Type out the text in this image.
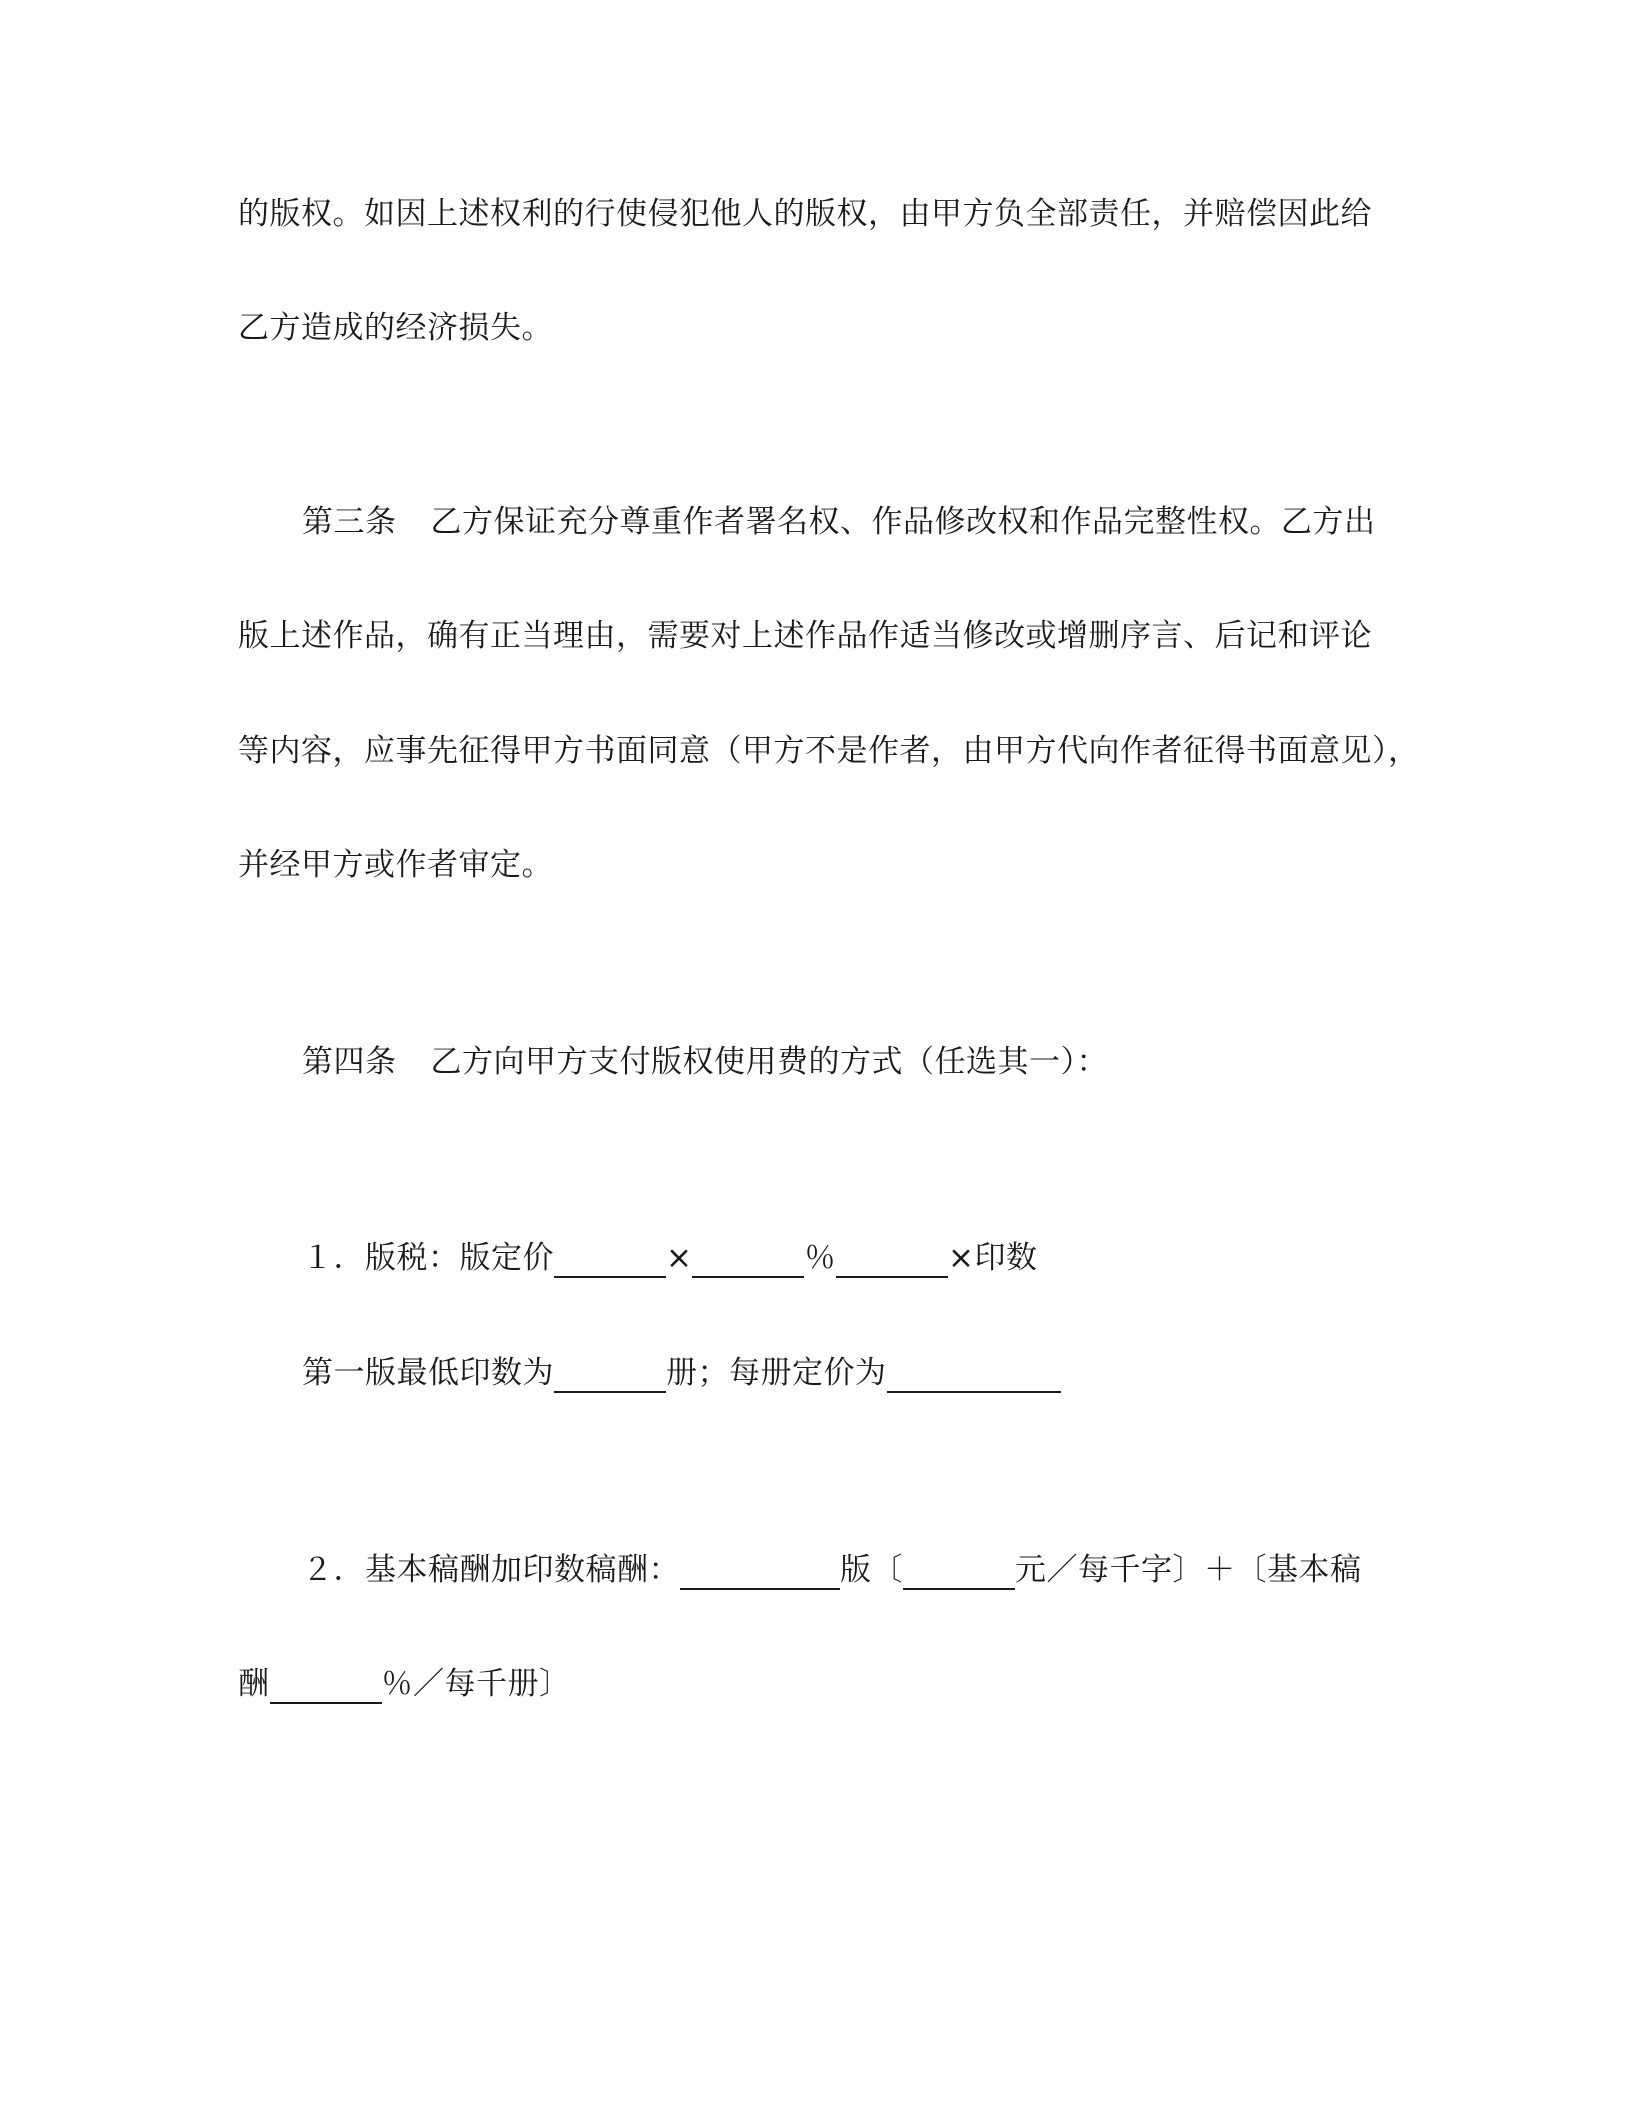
的版权。如因上述权利的行使侵犯他人的版权，由甲方负全部责任，并赔偿因此给
乙方造成的经济损失。
第三条 乙方保证充分尊重作者署名权、作品修改权和作品完整性权。乙方出
版上述作品，确有正当理由，需要对上述作品作适当修改或增删序言、后记和评论
等内容，应事先征得甲方书面同意（甲方不是作者，由甲方代向作者征得书面意见），
并经甲方或作者审定。
第四条 乙方向甲方支付版权使用费的方式（任选其一）：
１．版税：版定价	×	％	×印数
第一版最低印数为	册；每册定价为
２．基本稿酬加印数稿酬：	版〔	元／每千字〕＋〔基本稿
酬	％／每千册〕
